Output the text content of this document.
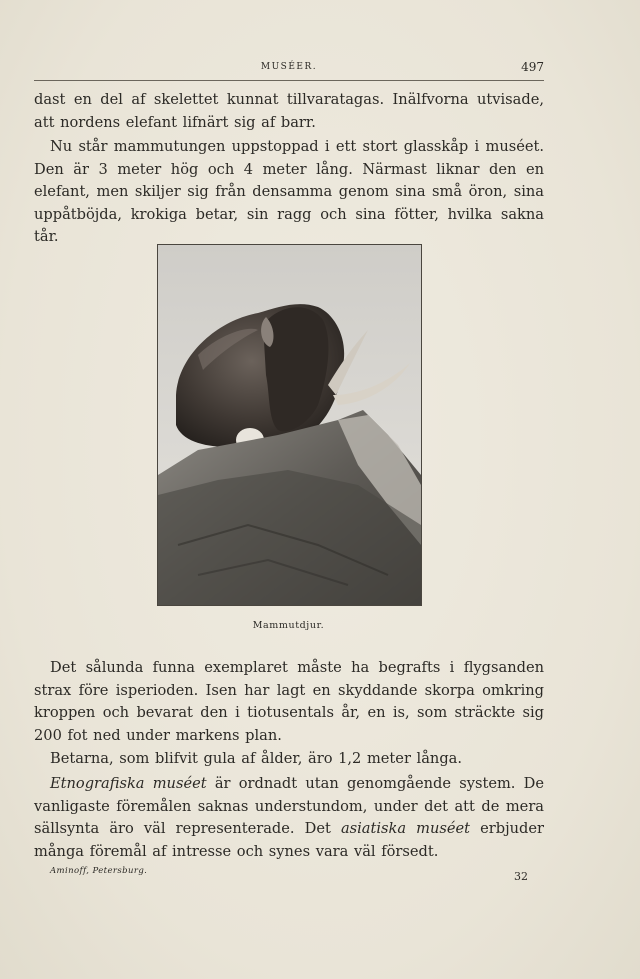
MUSÉER.	497

dast en del af skelettet kunnat tillvaratagas. Inälfvorna utvisade, att nordens elefant lifnärt sig af barr.

Nu står mammutungen uppstoppad i ett stort glasskåp i muséet. Den är 3 meter hög och 4 meter lång. Närmast liknar den en elefant, men skiljer sig från densamma genom sina små öron, sina uppåtböjda, krokiga betar, sin ragg och sina fötter, hvilka sakna tår.

Mammutdjur.

Det sålunda funna exemplaret måste ha begrafts i flygsanden strax före isperioden. Isen har lagt en skyddande skorpa omkring kroppen och bevarat den i tiotusentals år, en is, som sträckte sig 200 fot ned under markens plan.

Betarna, som blifvit gula af ålder, äro 1,2 meter långa.

Etnografiska muséet är ordnadt utan genomgående system. De vanligaste föremålen saknas understundom, under det att de mera sällsynta äro väl representerade. Det asiatiska muséet erbjuder många föremål af intresse och synes vara väl försedt.

Aminoff, Petersburg.	32
